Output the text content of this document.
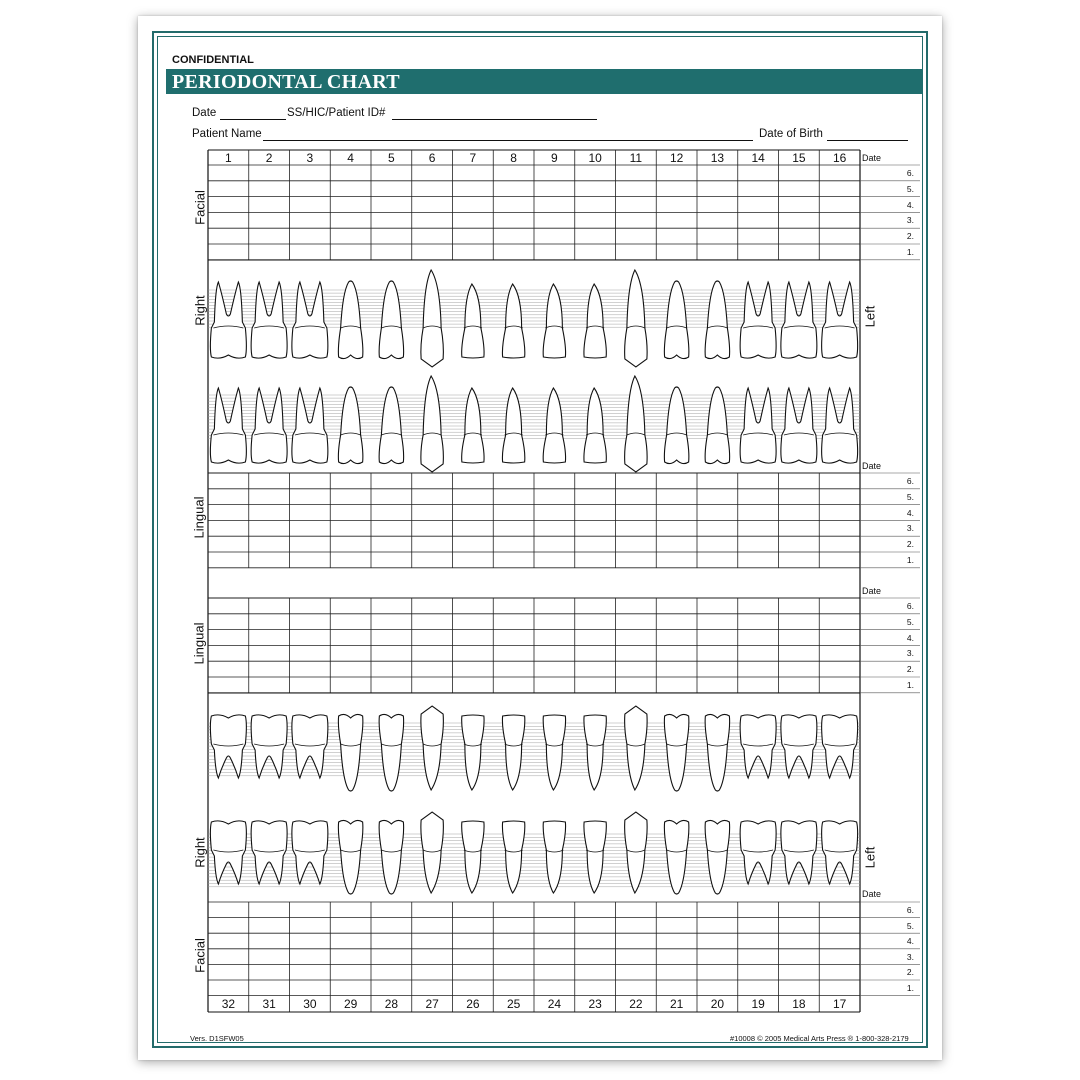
CONFIDENTIAL
PERIODONTAL CHART
Date	SS/HIC/Patient ID#
Patient Name	Date of Birth
1	2	3	4	5	6	7	8	9	10	11	12	13	14	15	16
32	31	30	29	28	27	26	25	24	23	22	21	20	19	18	17
Date
6.
5.
4.
3.
2.
1.
Date
6.
5.
4.
3.
2.
1.
Date
6.
5.
4.
3.
2.
1.
Date
6.
5.
4.
3.
2.
1.
Facial
Right	Left
Lingual
Lingual
Right	Left
Facial
Vers. D1SFW05	#10008 © 2005 Medical Arts Press ® 1-800-328-2179
